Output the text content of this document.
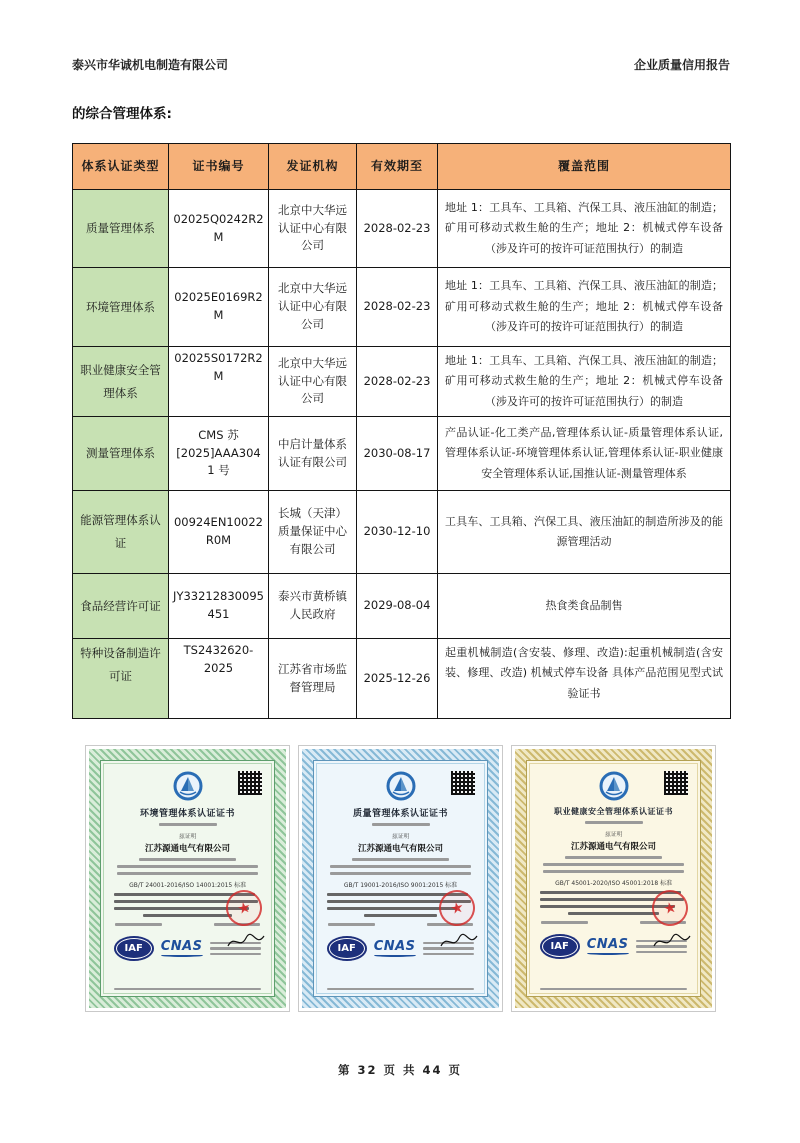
泰兴市华诚机电制造有限公司	企业质量信用报告
的综合管理体系:
体系认证类型	证书编号	发证机构	有效期至	覆盖范围
质量管理体系	02025Q0242R2M	北京中大华远认证中心有限公司	2028-02-23	地址 1：工具车、工具箱、汽保工具、液压油缸的制造；矿用可移动式救生舱的生产；地址 2：机械式停车设备（涉及许可的按许可证范围执行）的制造
环境管理体系	02025E0169R2M	北京中大华远认证中心有限公司	2028-02-23	地址 1：工具车、工具箱、汽保工具、液压油缸的制造；矿用可移动式救生舱的生产；地址 2：机械式停车设备（涉及许可的按许可证范围执行）的制造
职业健康安全管理体系	02025S0172R2M	北京中大华远认证中心有限公司	2028-02-23	地址 1：工具车、工具箱、汽保工具、液压油缸的制造；矿用可移动式救生舱的生产；地址 2：机械式停车设备（涉及许可的按许可证范围执行）的制造
测量管理体系	CMS 苏[2025]AAA3041 号	中启计量体系认证有限公司	2030-08-17	产品认证-化工类产品,管理体系认证-质量管理体系认证,管理体系认证-环境管理体系认证,管理体系认证-职业健康安全管理体系认证,国推认证-测量管理体系
能源管理体系认证	00924EN10022R0M	长城（天津）质量保证中心有限公司	2030-12-10	工具车、工具箱、汽保工具、液压油缸的制造所涉及的能源管理活动
食品经营许可证	JY33212830095451	泰兴市黄桥镇人民政府	2029-08-04	热食类食品制售
特种设备制造许可证	TS2432620-2025	江苏省市场监督管理局	2025-12-26	起重机械制造(含安装、修理、改造):起重机械制造(含安装、修理、改造) 机械式停车设备 具体产品范围见型式试验证书
环境管理体系认证证书
兹证明
江苏源通电气有限公司
GB/T 24001-2016/ISO 14001:2015 标准
IAF	CNAS
★
质量管理体系认证证书
兹证明
江苏源通电气有限公司
GB/T 19001-2016/ISO 9001:2015 标准
IAF	CNAS
★
职业健康安全管理体系认证证书
兹证明
江苏源通电气有限公司
GB/T 45001-2020/ISO 45001:2018 标准
IAF	CNAS
★
第 32 页 共 44 页
